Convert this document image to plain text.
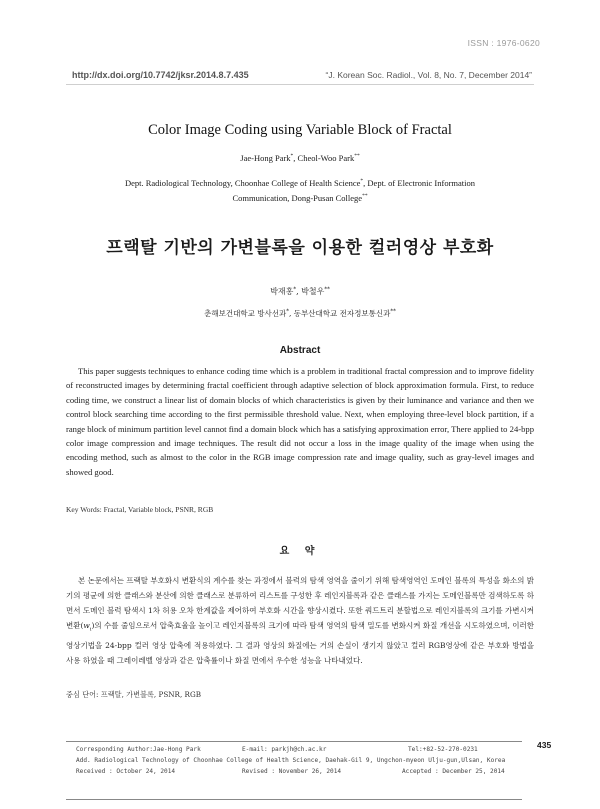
ISSN : 1976-0620
http://dx.doi.org/10.7742/jksr.2014.8.7.435	“J. Korean Soc. Radiol., Vol. 8, No. 7, December 2014”
Color Image Coding using Variable Block of Fractal
Jae-Hong Park*, Cheol-Woo Park**
Dept. Radiological Technology, Choonhae College of Health Science*, Dept. of Electronic Information
Communication, Dong-Pusan College**
프랙탈 기반의 가변블록을 이용한 컬러영상 부호화
박재홍*, 박철우**
춘해보건대학교 방사선과*, 동부산대학교 전자정보통신과**
Abstract
This paper suggests techniques to enhance coding time which is a problem in traditional fractal compression and to improve fidelity of reconstructed images by determining fractal coefficient through adaptive selection of block approximation formula. First, to reduce coding time, we construct a linear list of domain blocks of which characteristics is given by their luminance and variance and then we control block searching time according to the first permissible threshold value. Next, when employing three-level block partition, if a range block of minimum partition level cannot find a domain block which has a satisfying approximation error, There applied to 24-bpp color image compression and image techniques. The result did not occur a loss in the image quality of the image when using the encoding method, such as almost to the color in the RGB image compression rate and image quality, such as gray-level images and showed good.
Key Words: Fractal, Variable block, PSNR, RGB
요 약
본 논문에서는 프랙탈 부호화시 변환식의 계수를 찾는 과정에서 블럭의 탐색 영역을 줄이기 위해 탐색영역인 도메인 블록의 특성을 화소의 밝기의 평균에 의한 클래스와 분산에 의한 클래스로 분류하여 리스트를 구성한 후 레인지블록과 같은 클래스를 가지는 도메인블록만 검색하도록 하면서 도메인 블럭 탐색시 1차 허용 오차 한계값을 제어하여 부호화 시간을 향상시켰다. 또한 쿼드트리 분할법으로 레인지블록의 크기를 가변시켜 변환$(w_i)$의 수를 줄임으로서 압축효율을 높이고 레인지블록의 크기에 따라 탐색 영역의 탐색 밀도를 변화시켜 화질 개선을 시도하였으며, 이러한 영상기법을 24-bpp 컬러 영상 압축에 적용하였다. 그 결과 영상의 화질에는 거의 손실이 생기지 않았고 컬러 RGB영상에 같은 부호화 방법을 사용 하였을 때 그레이레벨 영상과 같은 압축률이나 화질 면에서 우수한 성능을 나타내었다.
중심 단어: 프랙탈, 가변블록, PSNR, RGB
435
Corresponding Author:Jae-Hong Park	E-mail: parkjh@ch.ac.kr	Tel:+82-52-270-0231
Add. Radiological Technology of Choonhae College of Health Science, Daehak-Gil 9, Ungchon-myeon Ulju-gun,Ulsan, Korea
Received : October 24, 2014	Revised : November 26, 2014	Accepted : December 25, 2014
